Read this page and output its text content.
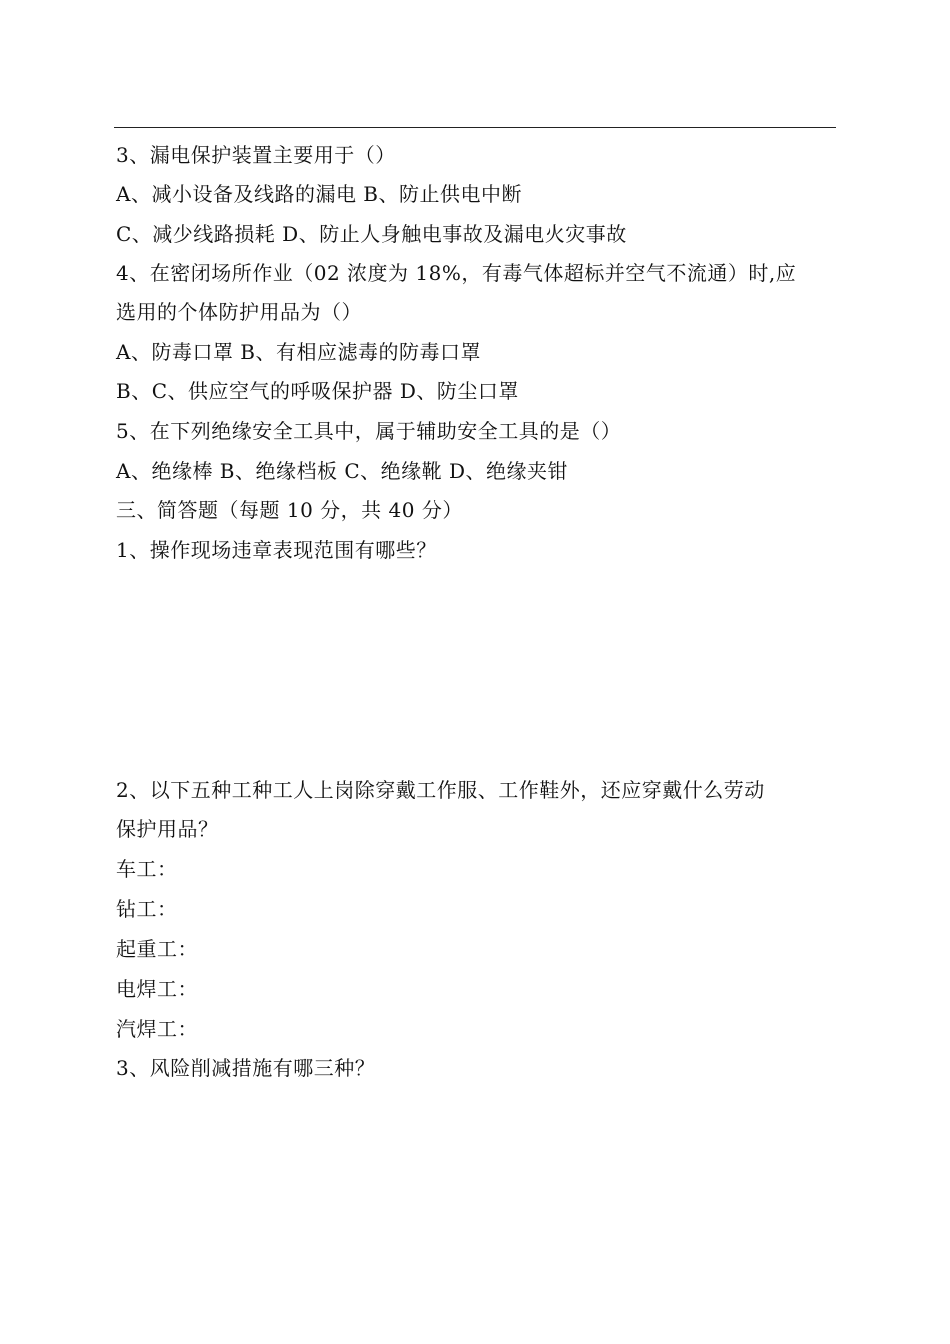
3、漏电保护装置主要用于（）
A、减小设备及线路的漏电 B、防止供电中断
C、减少线路损耗 D、防止人身触电事故及漏电火灾事故
4、在密闭场所作业（02 浓度为 18%，有毒气体超标并空气不流通）时,应
选用的个体防护用品为（）
A、防毒口罩 B、有相应滤毒的防毒口罩
B、C、供应空气的呼吸保护器 D、防尘口罩
5、在下列绝缘安全工具中，属于辅助安全工具的是（）
A、绝缘棒 B、绝缘档板 C、绝缘靴 D、绝缘夹钳
三、简答题（每题 10 分，共 40 分）
1、操作现场违章表现范围有哪些？
2、以下五种工种工人上岗除穿戴工作服、工作鞋外，还应穿戴什么劳动
保护用品？
车工：
钻工：
起重工：
电焊工：
汽焊工：
3、风险削减措施有哪三种？
